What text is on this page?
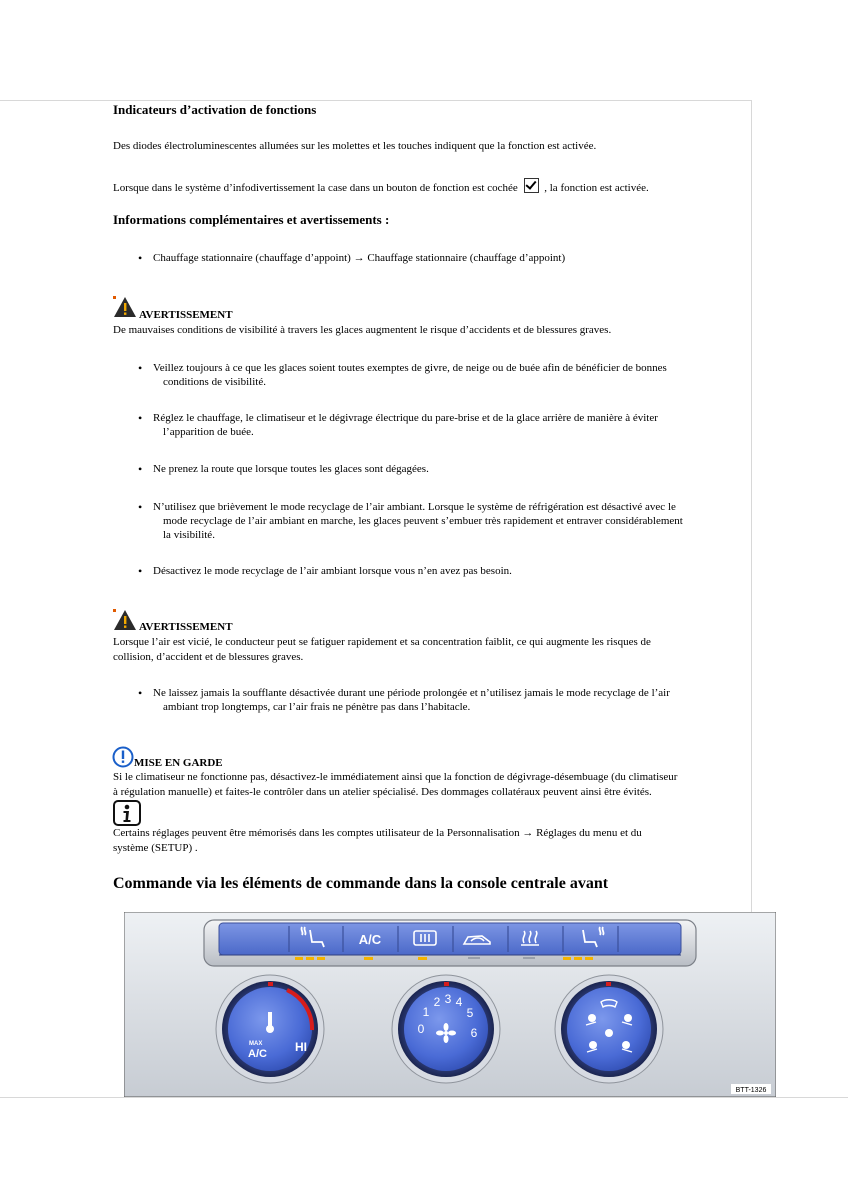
Indicateurs d’activation de fonctions
Des diodes électroluminescentes allumées sur les molettes et les touches indiquent que la fonction est activée.
Lorsque dans le système d’infodivertissement la case dans un bouton de fonction est cochée , la fonction est activée.
Informations complémentaires et avertissements :
• Chauffage stationnaire (chauffage d’appoint) → Chauffage stationnaire (chauffage d’appoint)
AVERTISSEMENT
De mauvaises conditions de visibilité à travers les glaces augmentent le risque d’accidents et de blessures graves.
• Veillez toujours à ce que les glaces soient toutes exemptes de givre, de neige ou de buée afin de bénéficier de bonnes
conditions de visibilité.
• Réglez le chauffage, le climatiseur et le dégivrage électrique du pare-brise et de la glace arrière de manière à éviter
l’apparition de buée.
• Ne prenez la route que lorsque toutes les glaces sont dégagées.
• N’utilisez que brièvement le mode recyclage de l’air ambiant. Lorsque le système de réfrigération est désactivé avec le
mode recyclage de l’air ambiant en marche, les glaces peuvent s’embuer très rapidement et entraver considérablement
la visibilité.
• Désactivez le mode recyclage de l’air ambiant lorsque vous n’en avez pas besoin.
AVERTISSEMENT
Lorsque l’air est vicié, le conducteur peut se fatiguer rapidement et sa concentration faiblit, ce qui augmente les risques de
collision, d’accident et de blessures graves.
• Ne laissez jamais la soufflante désactivée durant une période prolongée et n’utilisez jamais le mode recyclage de l’air
ambiant trop longtemps, car l’air frais ne pénètre pas dans l’habitacle.
MISE EN GARDE
Si le climatiseur ne fonctionne pas, désactivez-le immédiatement ainsi que la fonction de dégivrage-désembuage (du climatiseur
à régulation manuelle) et faites-le contrôler dans un atelier spécialisé. Des dommages collatéraux peuvent ainsi être évités.
Certains réglages peuvent être mémorisés dans les comptes utilisateur de la Personnalisation → Réglages du menu et du
système (SETUP) .
Commande via les éléments de commande dans la console centrale avant
A/C
MAX
A/C HI
0
1
2 3 4
5
6
BTT-1326
